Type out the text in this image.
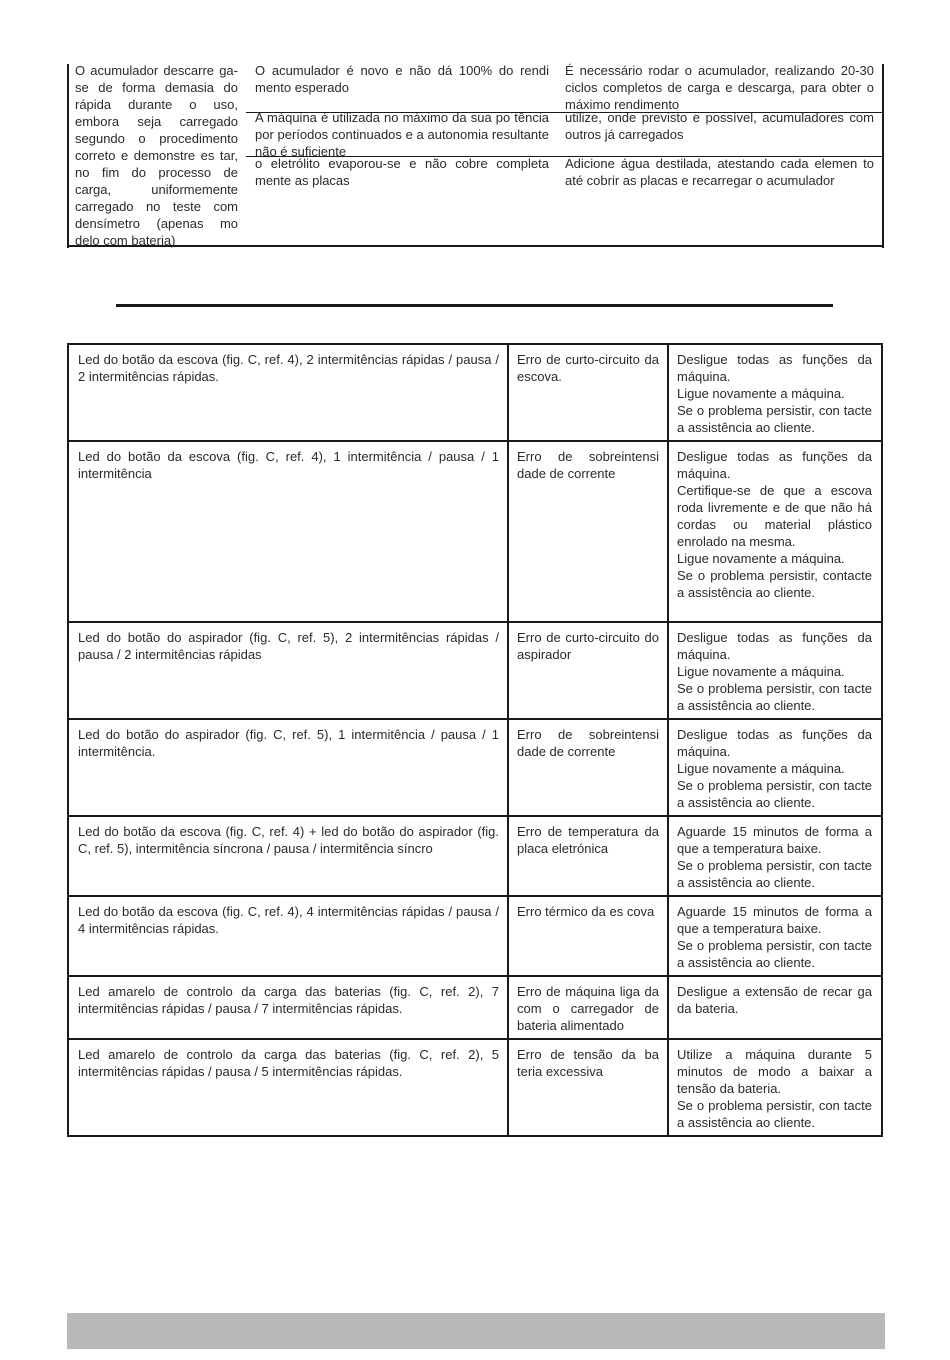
O acumulador descarre ga-se de forma demasia do rápida durante o uso, embora seja carregado segundo o procedimento correto e demonstre es tar, no fim do processo de carga, uniformemente carregado no teste com densímetro (apenas mo delo com bateria)
O acumulador é novo e não dá 100% do rendi mento esperado
É necessário rodar o acumulador, realizando 20-30 ciclos completos de carga e descarga, para obter o máximo rendimento
A máquina é utilizada no máximo da sua po tência por períodos continuados e a autonomia resultante não é suficiente
utilize, onde previsto e possível, acumuladores com outros já carregados
o eletrólito evaporou-se e não cobre completa mente as placas
Adicione água destilada, atestando cada elemen to até cobrir as placas e recarregar o acumulador
Led do botão da escova (fig. C, ref. 4), 2 intermitências rápidas / pausa / 2 intermitências rápidas.
Erro de curto-circuito da escova.

Desligue todas as funções da máquina.

Ligue novamente a máquina.

Se o problema persistir, con tacte a assistência ao cliente.

Led do botão da escova (fig. C, ref. 4), 1 intermitência / pausa / 1 intermitência
Erro de sobreintensi dade de corrente

Desligue todas as funções da máquina.

Certifique-se de que a escova roda livremente e de que não há cordas ou material plástico enrolado na mesma.

Ligue novamente a máquina.

Se o problema persistir, contacte a assistência ao cliente.

Led do botão do aspirador (fig. C, ref. 5), 2 intermitências rápidas / pausa / 2 intermitências rápidas
Erro de curto-circuito do aspirador

Desligue todas as funções da máquina.

Ligue novamente a máquina.

Se o problema persistir, con tacte a assistência ao cliente.

Led do botão do aspirador (fig. C, ref. 5), 1 intermitência / pausa / 1 intermitência.
Erro de sobreintensi dade de corrente

Desligue todas as funções da máquina.

Ligue novamente a máquina.

Se o problema persistir, con tacte a assistência ao cliente.

Led do botão da escova (fig. C, ref. 4) + led do botão do aspirador (fig. C, ref. 5), intermitência síncrona / pausa / intermitência síncro
Erro de temperatura da placa eletrónica

Aguarde 15 minutos de forma a que a temperatura baixe.

Se o problema persistir, con tacte a assistência ao cliente.

Led do botão da escova (fig. C, ref. 4), 4 intermitências rápidas / pausa / 4 intermitências rápidas.
Erro térmico da es cova	Aguarde 15 minutos de forma a que a temperatura baixe.

Se o problema persistir, con tacte a assistência ao cliente.

Led amarelo de controlo da carga das baterias (fig. C, ref. 2), 7 intermitências rápidas / pausa / 7 intermitências rápidas.
Erro de máquina liga da com o carregador de bateria alimentado

Desligue a extensão de recar ga da bateria.

Led amarelo de controlo da carga das baterias (fig. C, ref. 2), 5 intermitências rápidas / pausa / 5 intermitências rápidas.
Erro de tensão da ba teria excessiva

Utilize a máquina durante 5 minutos de modo a baixar a tensão da bateria.

Se o problema persistir, con tacte a assistência ao cliente.
